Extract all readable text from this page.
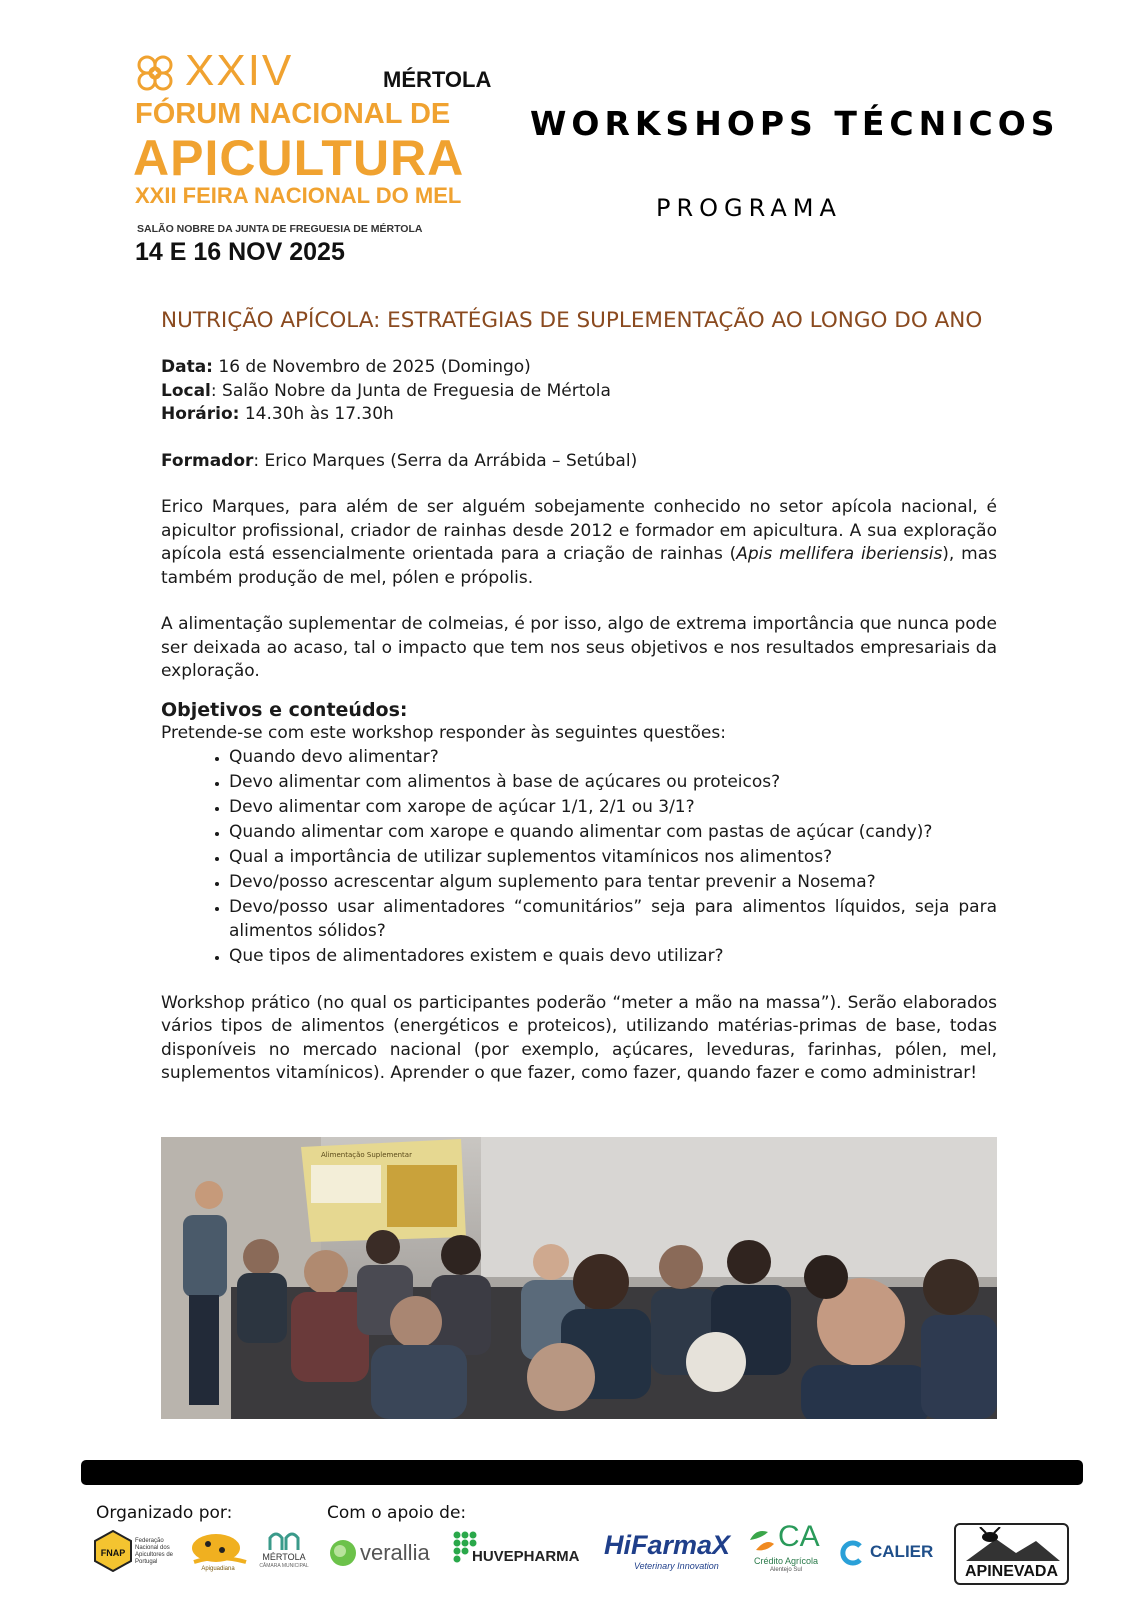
XXIV	MÉRTOLA
FÓRUM NACIONAL DE
APICULTURA
XXII FEIRA NACIONAL DO MEL
SALÃO NOBRE DA JUNTA DE FREGUESIA DE MÉRTOLA
14 E 16 NOV 2025
WORKSHOPS TÉCNICOS
PROGRAMA
NUTRIÇÃO APÍCOLA: ESTRATÉGIAS DE SUPLEMENTAÇÃO AO LONGO DO ANO
Data: 16 de Novembro de 2025 (Domingo)
Local: Salão Nobre da Junta de Freguesia de Mértola
Horário: 14.30h às 17.30h
Formador: Erico Marques (Serra da Arrábida – Setúbal)

Erico Marques, para além de ser alguém sobejamente conhecido no setor apícola nacional, é apicultor profissional, criador de rainhas desde 2012 e formador em apicultura. A sua exploração apícola está essencialmente orientada para a criação de rainhas (Apis mellifera iberiensis), mas também produção de mel, pólen e própolis.

A alimentação suplementar de colmeias, é por isso, algo de extrema importância que nunca pode ser deixada ao acaso, tal o impacto que tem nos seus objetivos e nos resultados empresariais da exploração.

Objetivos e conteúdos:
Pretende-se com este workshop responder às seguintes questões:
• Quando devo alimentar?
• Devo alimentar com alimentos à base de açúcares ou proteicos?
• Devo alimentar com xarope de açúcar 1/1, 2/1 ou 3/1?
• Quando alimentar com xarope e quando alimentar com pastas de açúcar (candy)?
• Qual a importância de utilizar suplementos vitamínicos nos alimentos?
• Devo/posso acrescentar algum suplemento para tentar prevenir a Nosema?
• Devo/posso usar alimentadores “comunitários” seja para alimentos líquidos, seja para alimentos sólidos?
• Que tipos de alimentadores existem e quais devo utilizar?

Workshop prático (no qual os participantes poderão “meter a mão na massa”). Serão elaborados vários tipos de alimentos (energéticos e proteicos), utilizando matérias-primas de base, todas disponíveis no mercado nacional (por exemplo, açúcares, leveduras, farinhas, pólen, mel, suplementos vitamínicos). Aprender o que fazer, como fazer, quando fazer e como administrar!

Alimentação Suplementar
Organizado por:	Com o apoio de:
FNAP
Federação Nacional dos Apicultores de Portugal
Apiguadiana
MÉRTOLA
CÂMARA MUNICIPAL
verallia	HUVEPHARMA HiFarmaX
Veterinary Innovation
CA
Crédito Agrícola
Alentejo Sul
CALIER
APINEVADA
